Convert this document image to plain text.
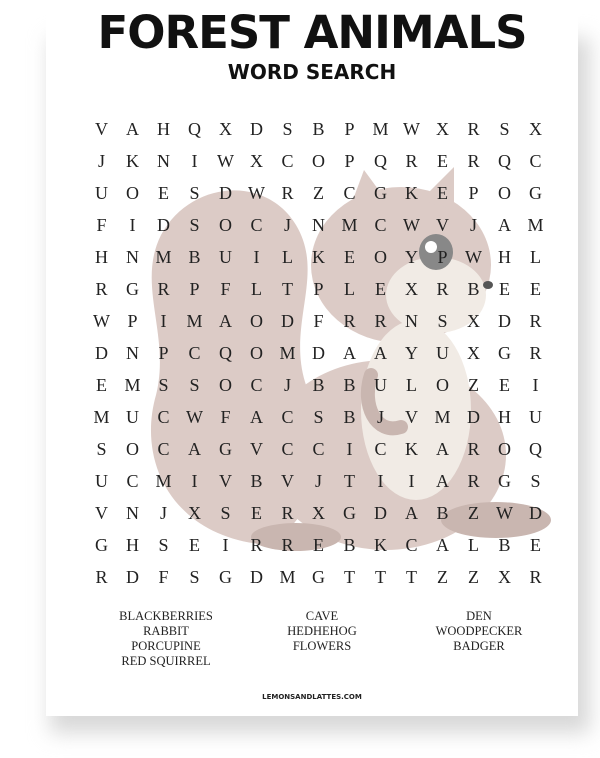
FOREST ANIMALS
WORD SEARCH
V	A	H	Q	X	D	S	B	P M W X	R	S	X
J	K	N	I	W X	C	O	P	Q	R	E	R	Q	C
U	O	E	S	D W R	Z	C	G	K	E	P	O	G
F	I	D	S	O	C	J	N M C W V	J	A M
H	N M B	U	I	L	K	E	O	Y	P W H	L
R	G	R	P	F	L	T	P	L	E	X	R	B	E	E
W P	I	M A	O	D	F	R	R	N	S	X	D	R
D	N	P	C	Q	O M D	A	A	Y	U	X	G	R
E M S	S	O	C	J	B	B	U	L	O	Z	E	I
M U	C W F	A	C	S	B	J	V M D	H	U
S	O	C	A	G	V	C	C	I	C	K	A	R	O	Q
U	C M	I	V	B	V	J	T	I	I	A	R	G	S
V	N	J	X	S	E	R	X	G	D	A	B	Z W D
G	H	S	E	I	R	R	E	B	K	C	A	L	B	E
R	D	F	S	G	D M G	T	T	T	Z	Z	X	R
BLACKBERRIES
RABBIT
PORCUPINE
RED SQUIRREL
CAVE
HEDHEHOG
FLOWERS
DEN
WOODPECKER
BADGER
LEMONSANDLATTES.COM
